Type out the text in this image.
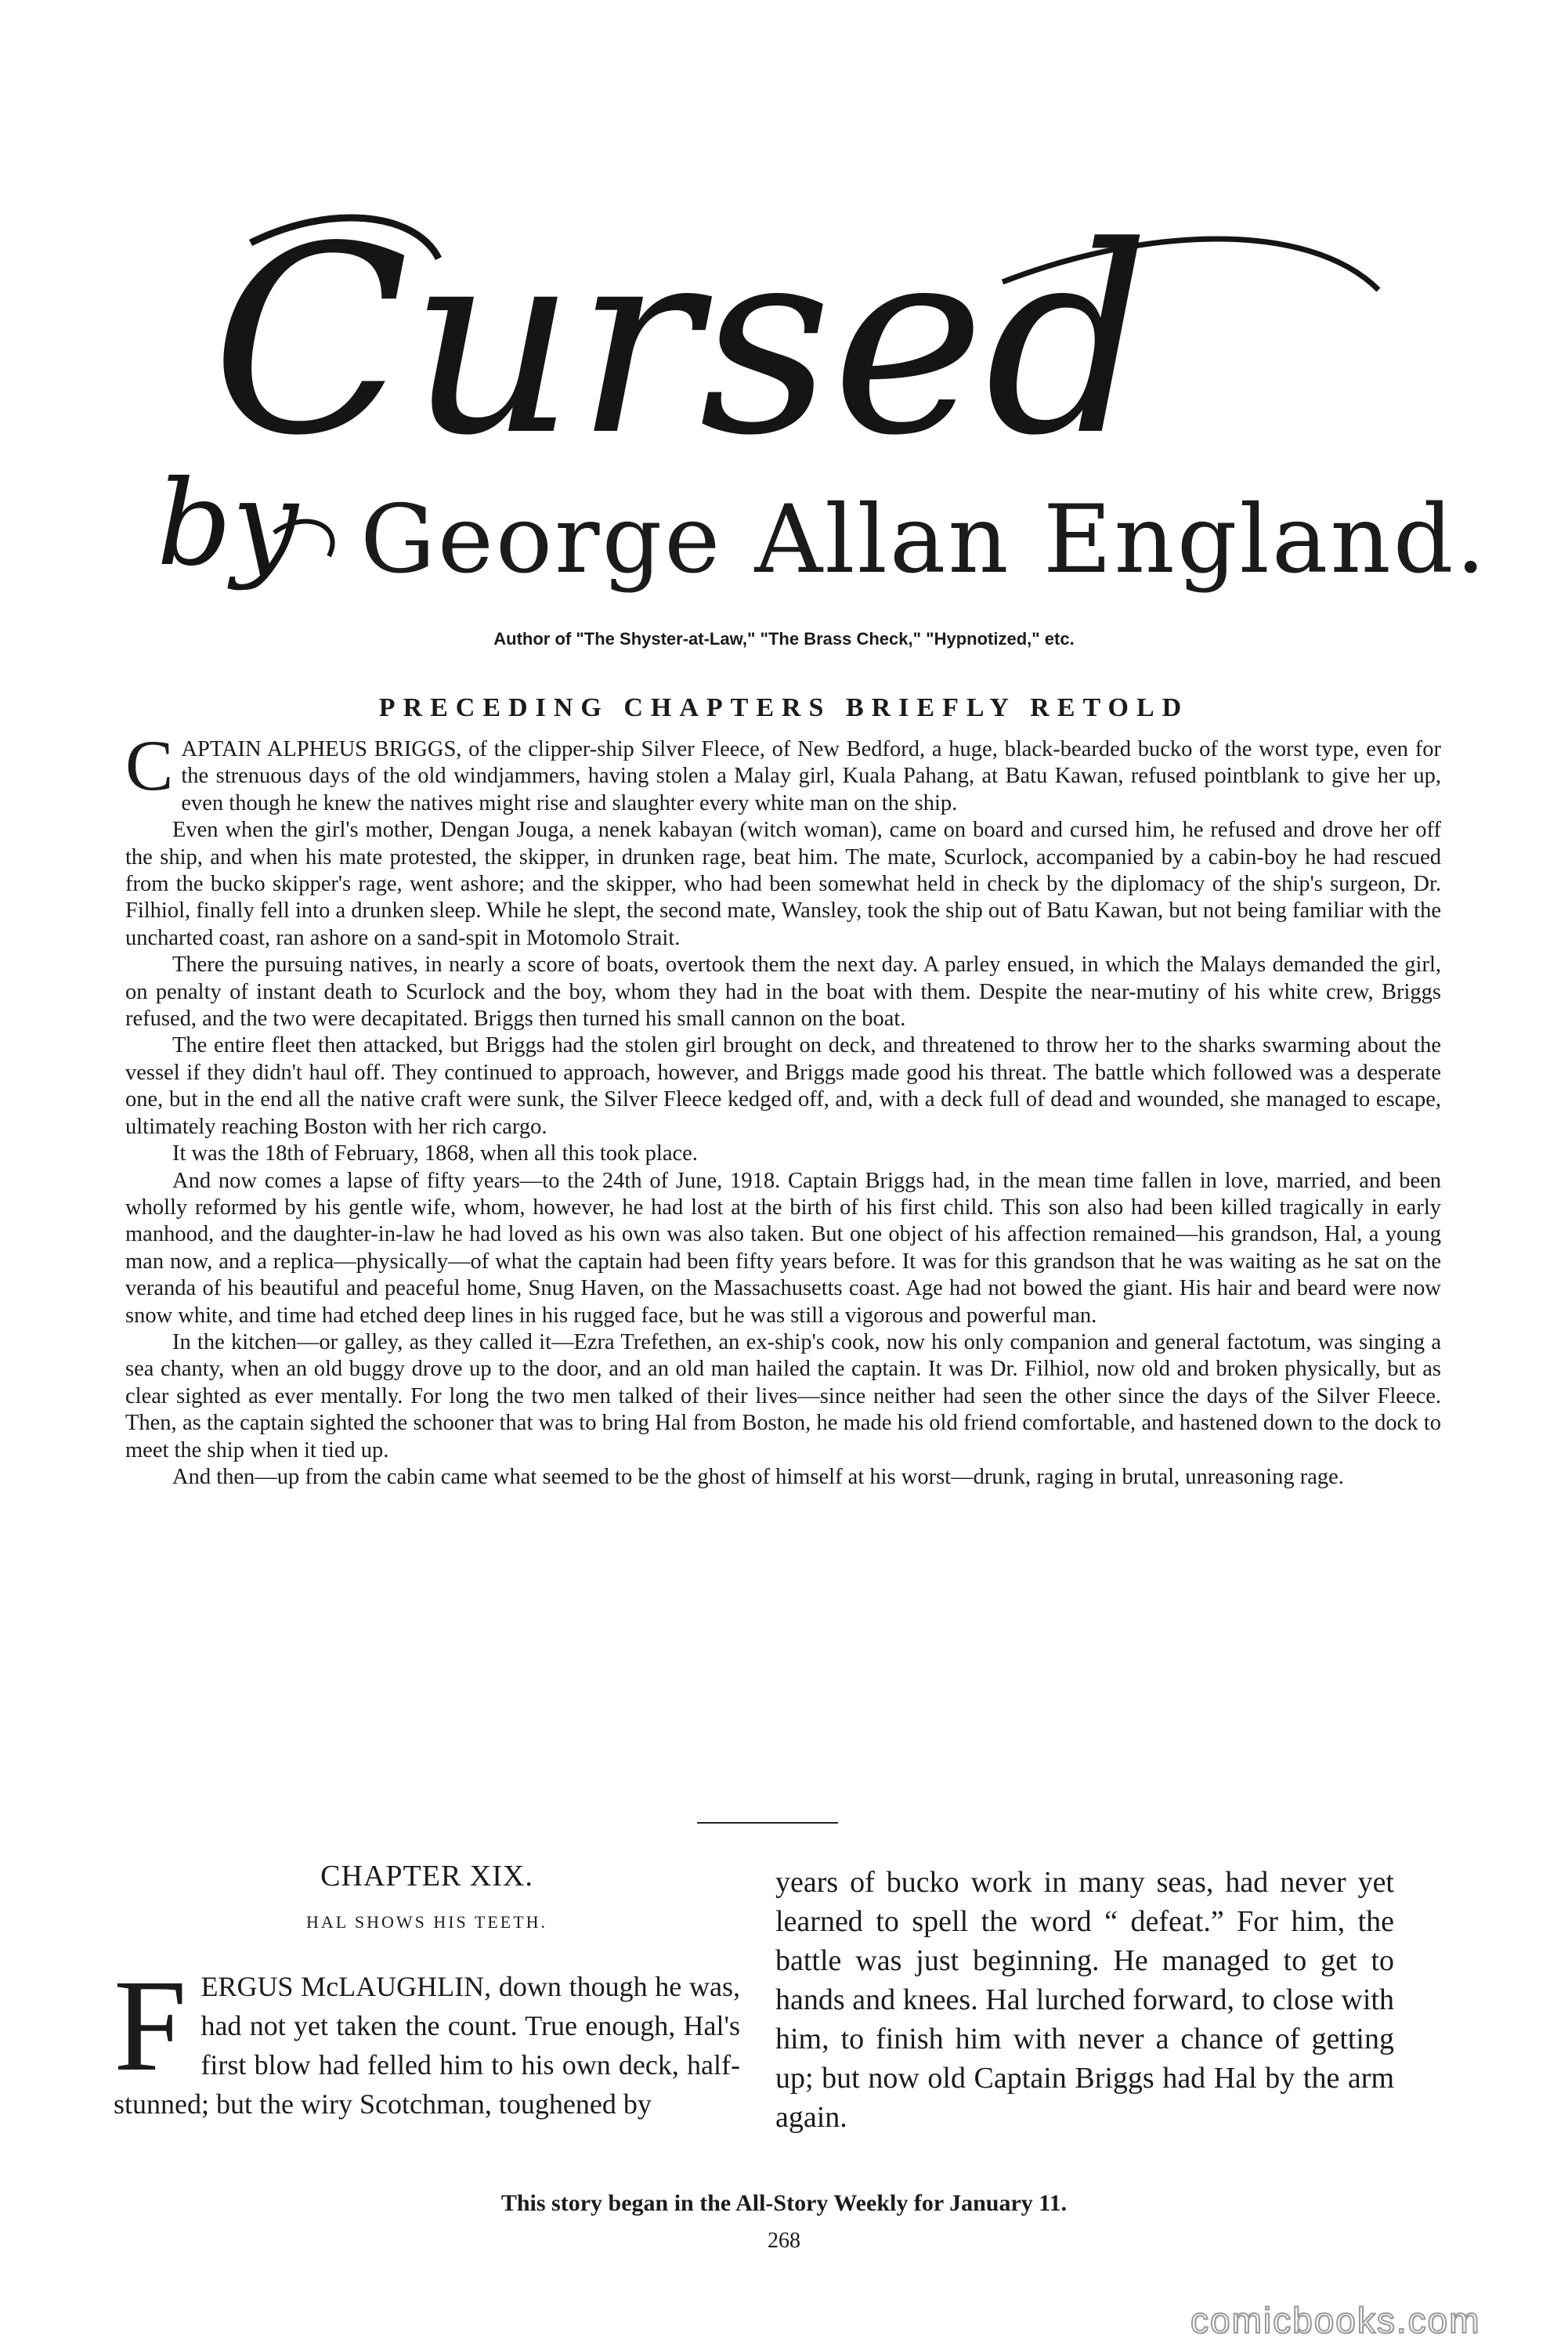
Cursed
by George Allan England.
Author of "The Shyster-at-Law," "The Brass Check," "Hypnotized," etc.
PRECEDING CHAPTERS BRIEFLY RETOLD

CAPTAIN ALPHEUS BRIGGS, of the clipper-ship Silver Fleece, of New Bedford, a huge, black-bearded bucko of the worst type, even for the strenuous days of the old windjammers, having stolen a Malay girl, Kuala Pahang, at Batu Kawan, refused pointblank to give her up, even though he knew the natives might rise and slaughter every white man on the ship.

Even when the girl's mother, Dengan Jouga, a nenek kabayan (witch woman), came on board and cursed him, he refused and drove her off the ship, and when his mate protested, the skipper, in drunken rage, beat him. The mate, Scurlock, accompanied by a cabin-boy he had rescued from the bucko skipper's rage, went ashore; and the skipper, who had been somewhat held in check by the diplomacy of the ship's surgeon, Dr. Filhiol, finally fell into a drunken sleep. While he slept, the second mate, Wansley, took the ship out of Batu Kawan, but not being familiar with the uncharted coast, ran ashore on a sand-spit in Motomolo Strait.

There the pursuing natives, in nearly a score of boats, overtook them the next day. A parley ensued, in which the Malays demanded the girl, on penalty of instant death to Scurlock and the boy, whom they had in the boat with them. Despite the near-mutiny of his white crew, Briggs refused, and the two were decapitated. Briggs then turned his small cannon on the boat.

The entire fleet then attacked, but Briggs had the stolen girl brought on deck, and threatened to throw her to the sharks swarming about the vessel if they didn't haul off. They continued to approach, however, and Briggs made good his threat. The battle which followed was a desperate one, but in the end all the native craft were sunk, the Silver Fleece kedged off, and, with a deck full of dead and wounded, she managed to escape, ultimately reaching Boston with her rich cargo.

It was the 18th of February, 1868, when all this took place.

And now comes a lapse of fifty years—to the 24th of June, 1918. Captain Briggs had, in the mean time fallen in love, married, and been wholly reformed by his gentle wife, whom, however, he had lost at the birth of his first child. This son also had been killed tragically in early manhood, and the daughter-in-law he had loved as his own was also taken. But one object of his affection remained—his grandson, Hal, a young man now, and a replica—physically—of what the captain had been fifty years before. It was for this grandson that he was waiting as he sat on the veranda of his beautiful and peaceful home, Snug Haven, on the Massachusetts coast. Age had not bowed the giant. His hair and beard were now snow white, and time had etched deep lines in his rugged face, but he was still a vigorous and powerful man.

In the kitchen—or galley, as they called it—Ezra Trefethen, an ex-ship's cook, now his only companion and general factotum, was singing a sea chanty, when an old buggy drove up to the door, and an old man hailed the captain. It was Dr. Filhiol, now old and broken physically, but as clear sighted as ever mentally. For long the two men talked of their lives—since neither had seen the other since the days of the Silver Fleece. Then, as the captain sighted the schooner that was to bring Hal from Boston, he made his old friend comfortable, and hastened down to the dock to meet the ship when it tied up.

And then—up from the cabin came what seemed to be the ghost of himself at his worst—drunk, raging in brutal, unreasoning rage.

CHAPTER XIX.
HAL SHOWS HIS TEETH.

FERGUS McLAUGHLIN, down though he was, had not yet taken the count. True enough, Hal's first blow had felled him to his own deck, half-stunned; but the wiry Scotchman, toughened by

years of bucko work in many seas, had never yet learned to spell the word “ defeat.” For him, the battle was just beginning. He managed to get to hands and knees. Hal lurched forward, to close with him, to finish him with never a chance of getting up; but now old Captain Briggs had Hal by the arm again.

This story began in the All-Story Weekly for January 11.
268
comicbooks.com
